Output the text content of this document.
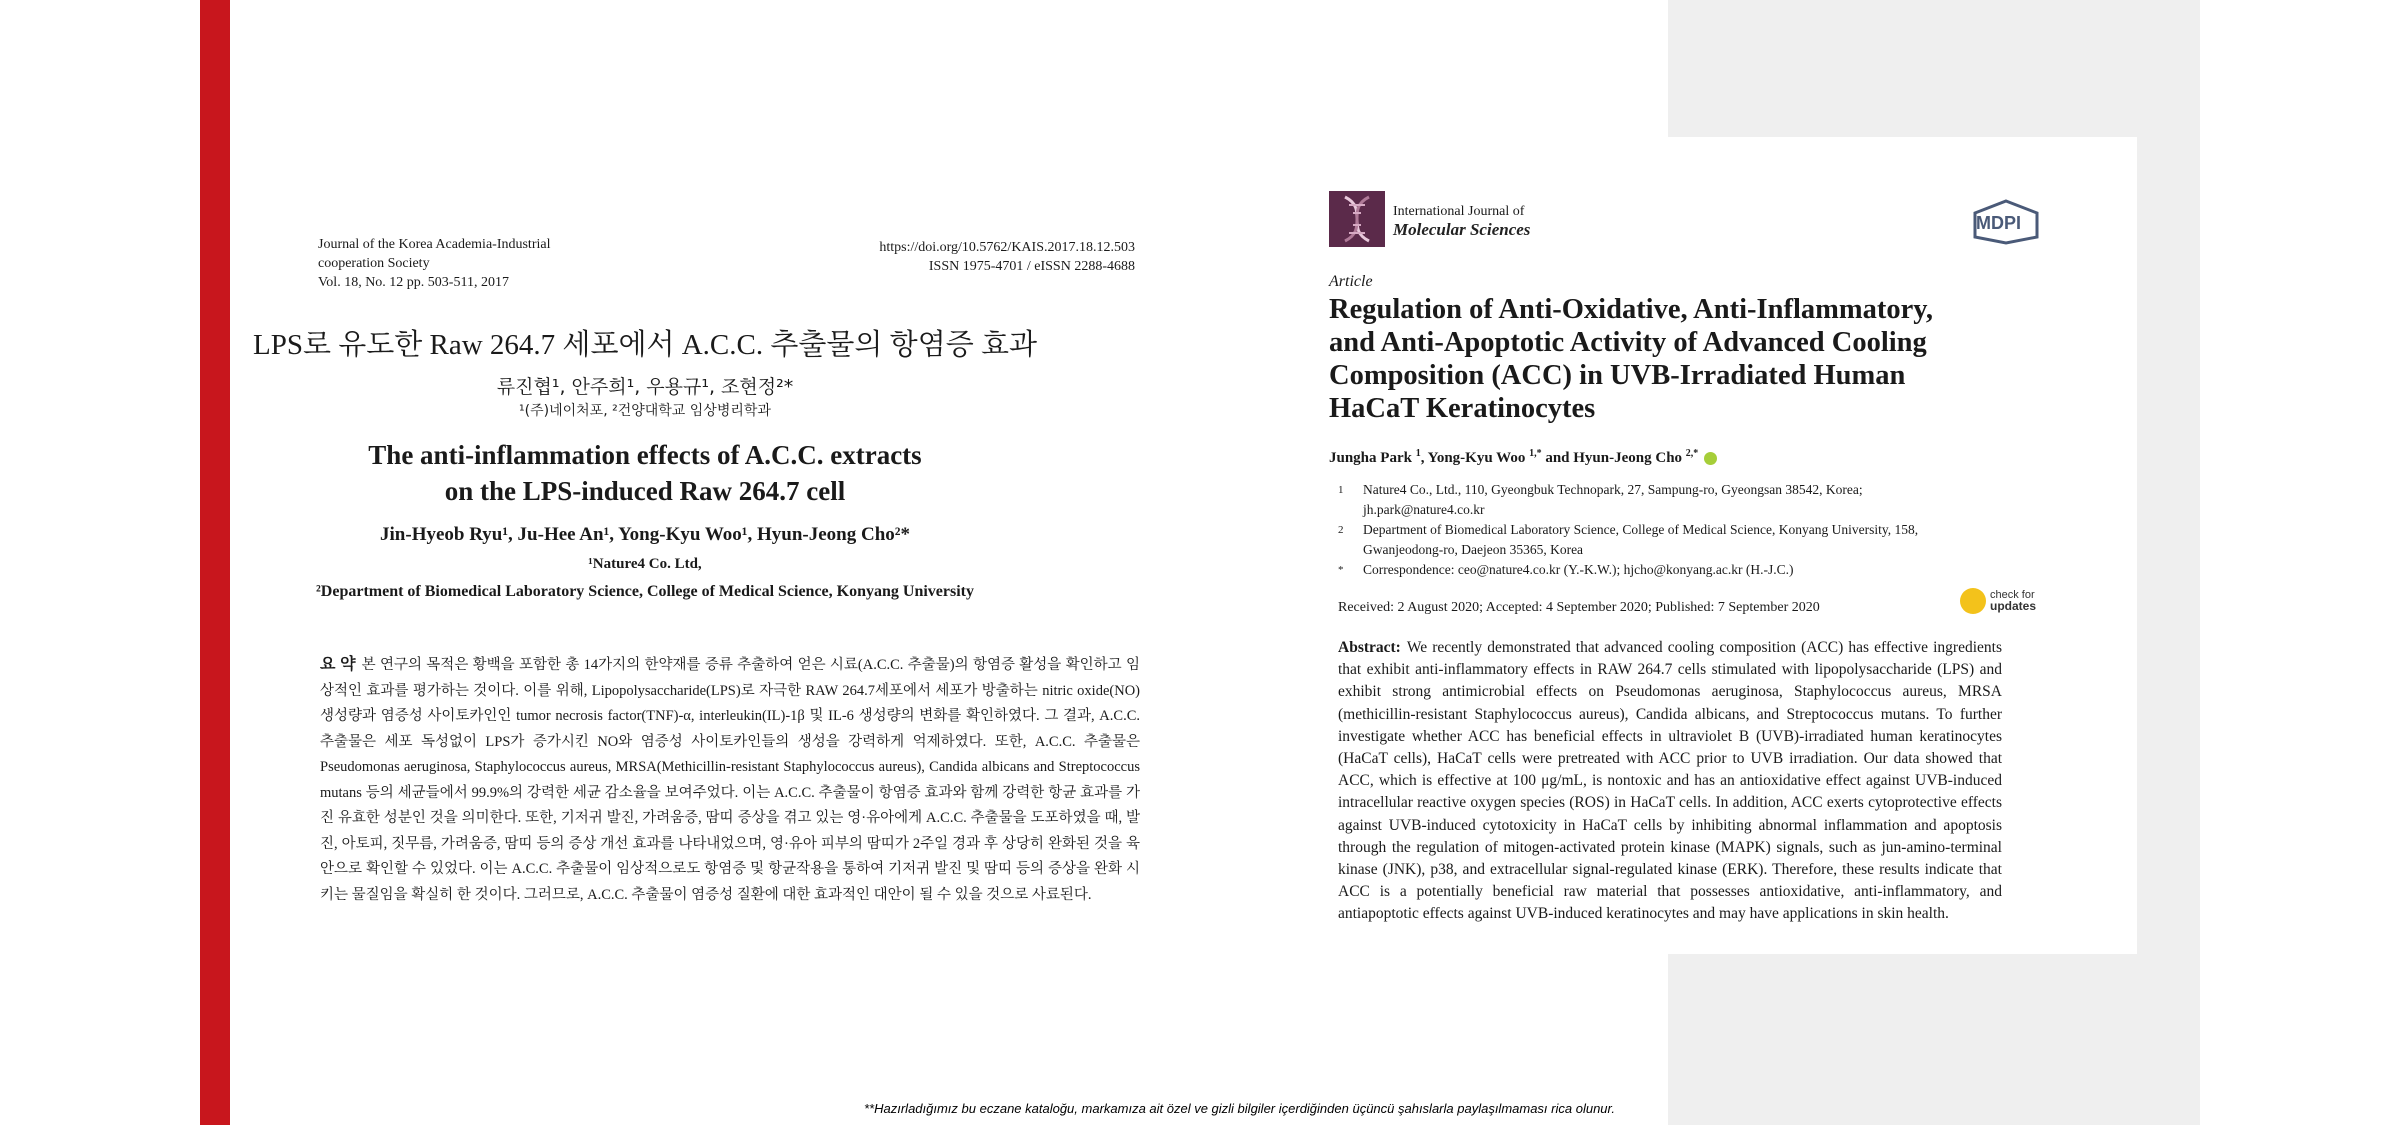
Journal of the Korea Academia-Industrial
cooperation Society
Vol. 18, No. 12 pp. 503-511, 2017
https://doi.org/10.5762/KAIS.2017.18.12.503
ISSN 1975-4701 / eISSN 2288-4688
LPS로 유도한 Raw 264.7 세포에서 A.C.C. 추출물의 항염증 효과
류진협¹, 안주희¹, 우용규¹, 조현정²*
¹(주)네이처포, ²건양대학교 임상병리학과
The anti-inflammation effects of A.C.C. extracts
on the LPS-induced Raw 264.7 cell
Jin-Hyeob Ryu¹, Ju-Hee An¹, Yong-Kyu Woo¹, Hyun-Jeong Cho²*
¹Nature4 Co. Ltd,
²Department of Biomedical Laboratory Science, College of Medical Science, Konyang University
요 약 본 연구의 목적은 황백을 포함한 총 14가지의 한약재를 증류 추출하여 얻은 시료(A.C.C. 추출물)의 항염증 활성을 확인하고 임상적인 효과를 평가하는 것이다. 이를 위해, Lipopolysaccharide(LPS)로 자극한 RAW 264.7세포에서 세포가 방출하는 nitric oxide(NO) 생성량과 염증성 사이토카인인 tumor necrosis factor(TNF)-α, interleukin(IL)-1β 및 IL-6 생성량의 변화를 확인하였다. 그 결과, A.C.C. 추출물은 세포 독성없이 LPS가 증가시킨 NO와 염증성 사이토카인들의 생성을 강력하게 억제하였다. 또한, A.C.C. 추출물은 Pseudomonas aeruginosa, Staphylococcus aureus, MRSA(Methicillin-resistant Staphylococcus aureus), Candida albicans and Streptococcus mutans 등의 세균들에서 99.9%의 강력한 세균 감소율을 보여주었다. 이는 A.C.C. 추출물이 항염증 효과와 함께 강력한 항균 효과를 가진 유효한 성분인 것을 의미한다. 또한, 기저귀 발진, 가려움증, 땀띠 증상을 겪고 있는 영·유아에게 A.C.C. 추출물을 도포하였을 때, 발진, 아토피, 짓무름, 가려움증, 땀띠 등의 증상 개선 효과를 나타내었으며, 영·유아 피부의 땀띠가 2주일 경과 후 상당히 완화된 것을 육안으로 확인할 수 있었다. 이는 A.C.C. 추출물이 임상적으로도 항염증 및 항균작용을 통하여 기저귀 발진 및 땀띠 등의 증상을 완화 시키는 물질임을 확실히 한 것이다. 그러므로, A.C.C. 추출물이 염증성 질환에 대한 효과적인 대안이 될 수 있을 것으로 사료된다.
International Journal of
Molecular Sciences	MDPI
Article
Regulation of Anti-Oxidative, Anti-Inflammatory,
and Anti-Apoptotic Activity of Advanced Cooling
Composition (ACC) in UVB-Irradiated Human
HaCaT Keratinocytes
Jungha Park $^1$, Yong-Kyu Woo $^{1,*}$ and Hyun-Jeong Cho $^{2,*}$
1	Nature4 Co., Ltd., 110, Gyeongbuk Technopark, 27, Sampung-ro, Gyeongsan 38542, Korea;
jh.park@nature4.co.kr
2	Department of Biomedical Laboratory Science, College of Medical Science, Konyang University, 158,
Gwanjeodong-ro, Daejeon 35365, Korea
*	Correspondence: ceo@nature4.co.kr (Y.-K.W.); hjcho@konyang.ac.kr (H.-J.C.)
Received: 2 August 2020; Accepted: 4 September 2020; Published: 7 September 2020
check for
updates
Abstract: We recently demonstrated that advanced cooling composition (ACC) has effective ingredients that exhibit anti-inflammatory effects in RAW 264.7 cells stimulated with lipopolysaccharide (LPS) and exhibit strong antimicrobial effects on Pseudomonas aeruginosa, Staphylococcus aureus, MRSA (methicillin-resistant Staphylococcus aureus), Candida albicans, and Streptococcus mutans. To further investigate whether ACC has beneficial effects in ultraviolet B (UVB)-irradiated human keratinocytes (HaCaT cells), HaCaT cells were pretreated with ACC prior to UVB irradiation. Our data showed that ACC, which is effective at 100 μg/mL, is nontoxic and has an antioxidative effect against UVB-induced intracellular reactive oxygen species (ROS) in HaCaT cells. In addition, ACC exerts cytoprotective effects against UVB-induced cytotoxicity in HaCaT cells by inhibiting abnormal inflammation and apoptosis through the regulation of mitogen-activated protein kinase (MAPK) signals, such as jun-amino-terminal kinase (JNK), p38, and extracellular signal-regulated kinase (ERK). Therefore, these results indicate that ACC is a potentially beneficial raw material that possesses antioxidative, anti-inflammatory, and antiapoptotic effects against UVB-induced keratinocytes and may have applications in skin health.
**Hazırladığımız bu eczane kataloğu, markamıza ait özel ve gizli bilgiler içerdiğinden üçüncü şahıslarla paylaşılmaması rica olunur.
